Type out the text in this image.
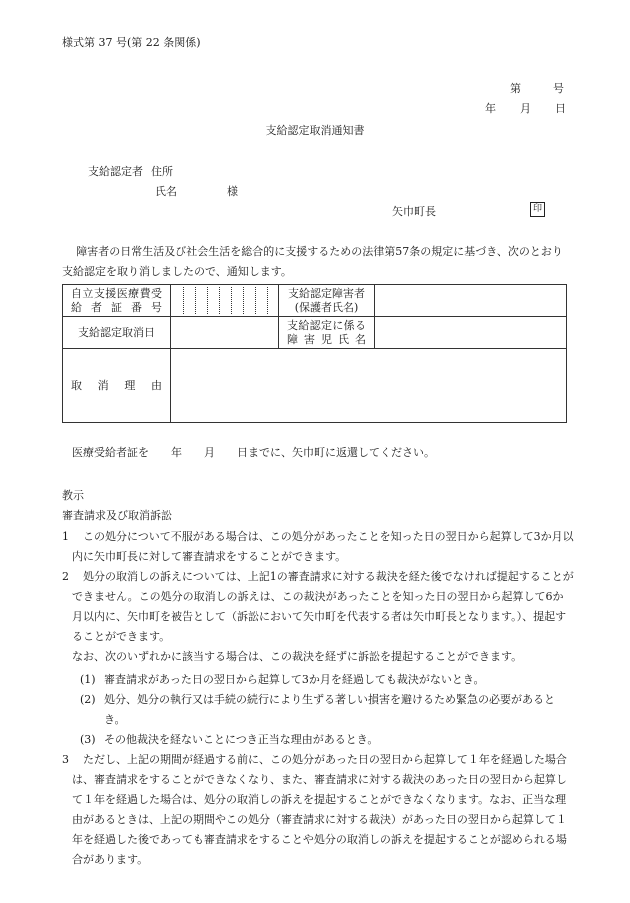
様式第 37 号(第 22 条関係)
第	号
年 月 日
支給認定取消通知書
支給認定者 住所
氏名	様
矢巾町長	印
障害者の日常生活及び社会生活を総合的に支援するための法律第57条の規定に基づき、次のとおり支給認定を取り消しましたので、通知します。
自立支援医療費受給者証番号		支給認定障害者
(保護者氏名)	

支給認定取消日		支給認定に係る
障害児氏名	

取消理由			

医療受給者証を　　年　　月　　日までに、矢巾町に返還してください。
教示
審査請求及び取消訴訟
1	この処分について不服がある場合は、この処分があったことを知った日の翌日から起算して3か月以内に矢巾町長に対して審査請求をすることができます。
2	処分の取消しの訴えについては、上記1の審査請求に対する裁決を経た後でなければ提起することができません。この処分の取消しの訴えは、この裁決があったことを知った日の翌日から起算して6か月以内に、矢巾町を被告として（訴訟において矢巾町を代表する者は矢巾町長となります。）、提起することができます。
なお、次のいずれかに該当する場合は、この裁決を経ずに訴訟を提起することができます。
(1) 審査請求があった日の翌日から起算して3か月を経過しても裁決がないとき。
(2) 処分、処分の執行又は手続の続行により生ずる著しい損害を避けるため緊急の必要があるとき。
(3) その他裁決を経ないことにつき正当な理由があるとき。
3	ただし、上記の期間が経過する前に、この処分があった日の翌日から起算して１年を経過した場合は、審査請求をすることができなくなり、また、審査請求に対する裁決のあった日の翌日から起算して１年を経過した場合は、処分の取消しの訴えを提起することができなくなります。なお、正当な理由があるときは、上記の期間やこの処分（審査請求に対する裁決）があった日の翌日から起算して１年を経過した後であっても審査請求をすることや処分の取消しの訴えを提起することが認められる場合があります。
